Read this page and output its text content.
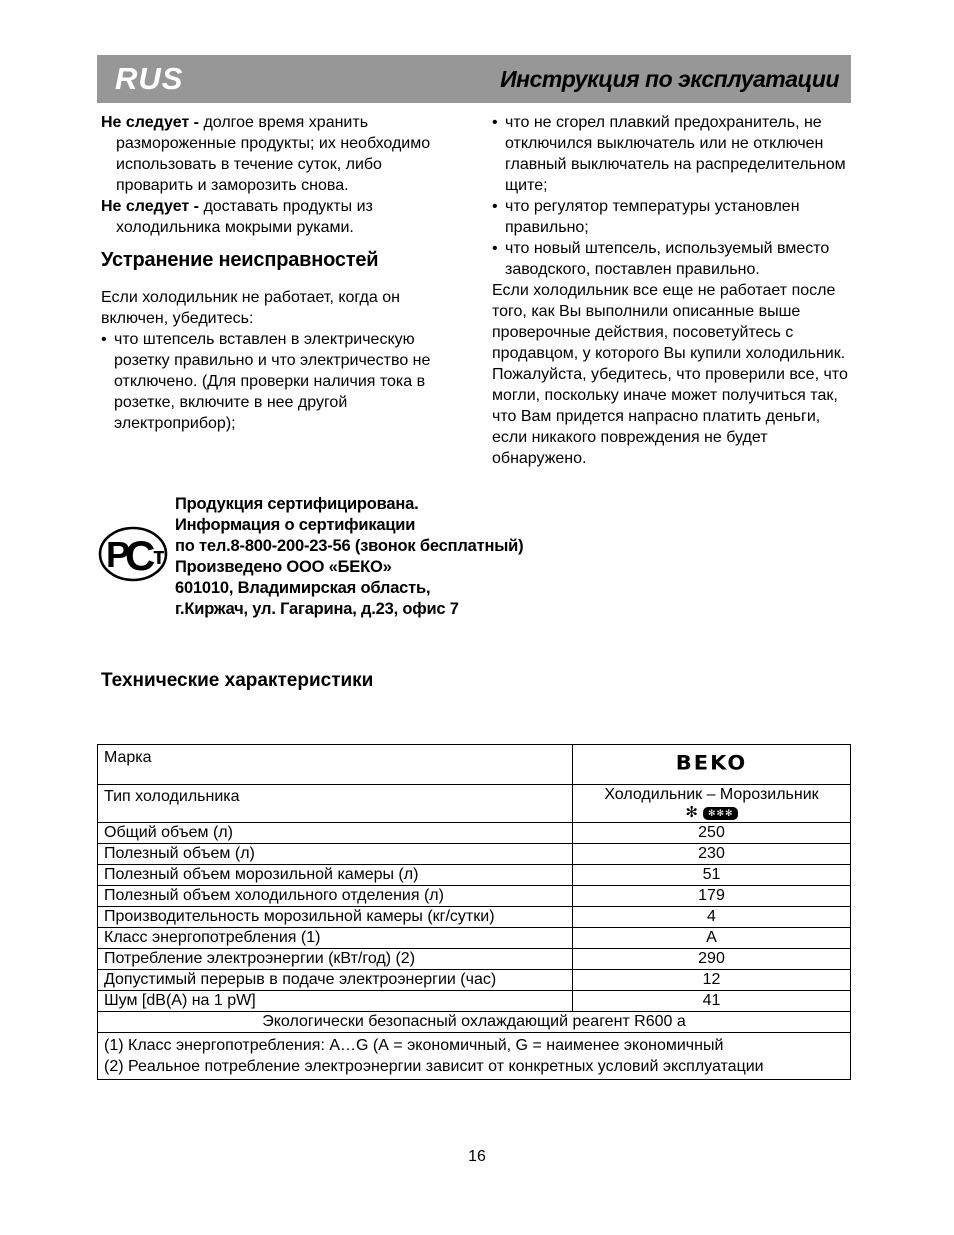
RUS	Инструкция по эксплуатации

Не следует - долгое время хранить размороженные продукты; их необходимо использовать в течение суток, либо проварить и заморозить снова.

Не следует - доставать продукты из холодильника мокрыми руками.

Устранение неисправностей

Если холодильник не работает, когда он включен, убедитесь:

• что штепсель вставлен в электрическую розетку правильно и что электричество не отключено. (Для проверки наличия тока в розетке, включите в нее другой электроприбор);
• что не сгорел плавкий предохранитель, не отключился выключатель или не отключен главный выключатель на распределительном щите;
• что регулятор температуры установлен правильно;
• что новый штепсель, используемый вместо заводского, поставлен правильно.

Если холодильник все еще не работает после того, как Вы выполнили описанные выше проверочные действия, посоветуйтесь с продавцом, у которого Вы купили холодильник.

Пожалуйста, убедитесь, что проверили все, что могли, поскольку иначе может получиться так, что Вам придется напрасно платить деньги, если никакого повреждения не будет обнаружено.

Р
С
т
Продукция сертифицирована.
Информация о сертификации
по тел.8-800-200-23-56 (звонок бесплатный)
Произведено ООО «БЕКО»
601010, Владимирская область,
г.Киржач, ул. Гагарина, д.23, офис 7
Технические характеристики
Марка	BEKO
Тип холодильника	Холодильник – Морозильник
✻ ✻✻✻

Общий объем (л)	250
Полезный объем (л)	230
Полезный объем морозильной камеры (л)	51
Полезный объем холодильного отделения (л)	179
Производительность морозильной камеры (кг/сутки)	4
Класс энергопотребления (1)	А
Потребление электроэнергии (кВт/год) (2)	290
Допустимый перерыв в подаче электроэнергии (час)	12
Шум [dB(A) на 1 pW]	41
Экологически безопасный охлаждающий реагент R600 a	

(1) Класс энергопотребления: А…G (А = экономичный, G = наименее экономичный
(2) Реальное потребление электроэнергии зависит от конкретных условий эксплуатации	
16
